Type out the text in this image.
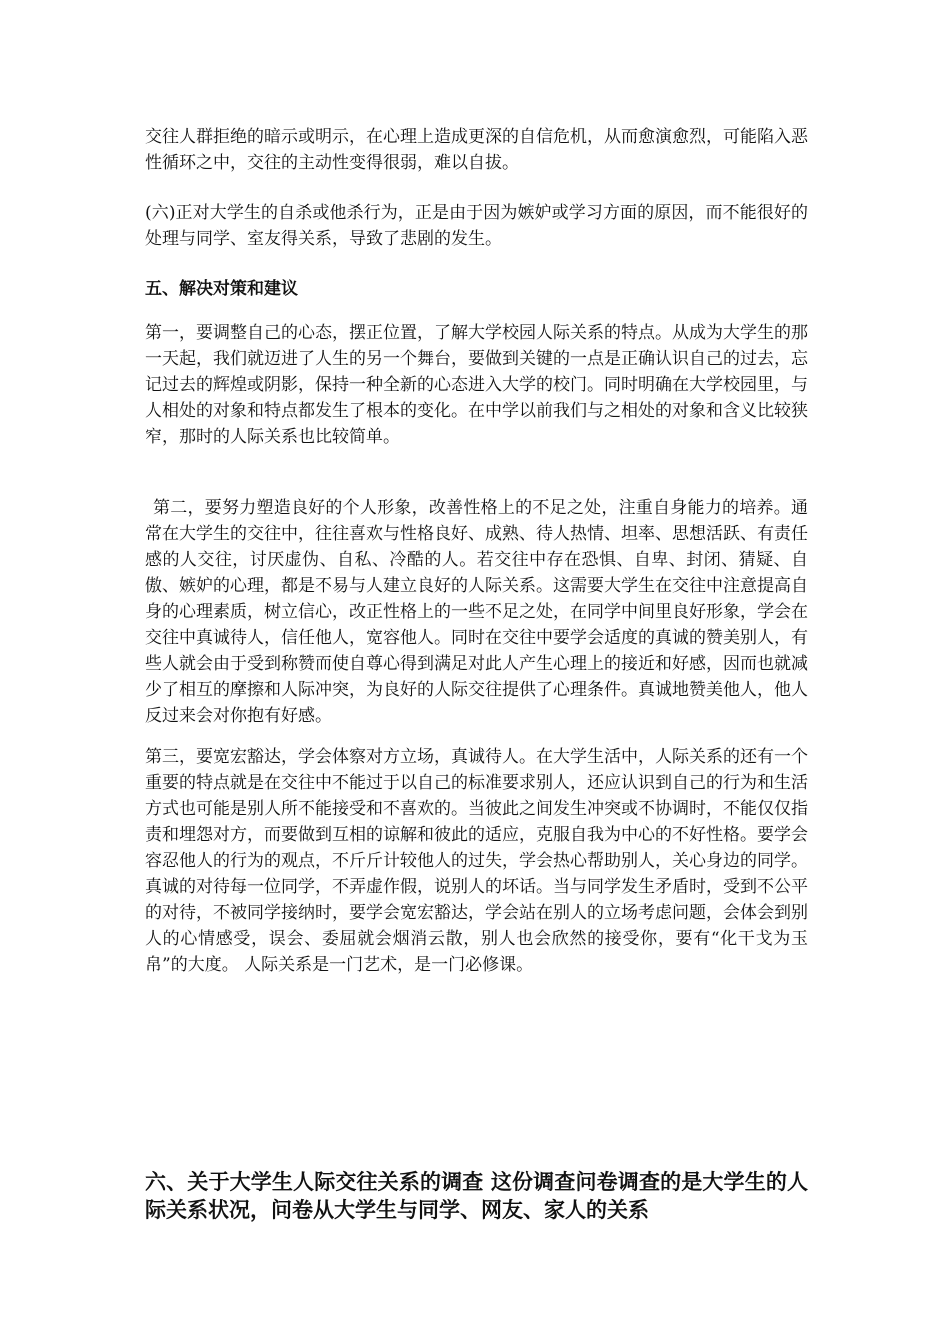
交往人群拒绝的暗示或明示，在心理上造成更深的自信危机，从而愈演愈烈，可能陷入恶性循环之中，交往的主动性变得很弱，难以自拔。

(六)正对大学生的自杀或他杀行为，正是由于因为嫉妒或学习方面的原因，而不能很好的处理与同学、室友得关系，导致了悲剧的发生。

五、解决对策和建议

第一，要调整自己的心态，摆正位置，了解大学校园人际关系的特点。从成为大学生的那一天起，我们就迈进了人生的另一个舞台，要做到关键的一点是正确认识自己的过去，忘记过去的辉煌或阴影，保持一种全新的心态进入大学的校门。同时明确在大学校园里，与人相处的对象和特点都发生了根本的变化。在中学以前我们与之相处的对象和含义比较狭窄，那时的人际关系也比较简单。

第二，要努力塑造良好的个人形象，改善性格上的不足之处，注重自身能力的培养。通常在大学生的交往中，往往喜欢与性格良好、成熟、待人热情、坦率、思想活跃、有责任感的人交往，讨厌虚伪、自私、冷酷的人。若交往中存在恐惧、自卑、封闭、猜疑、自傲、嫉妒的心理，都是不易与人建立良好的人际关系。这需要大学生在交往中注意提高自身的心理素质，树立信心，改正性格上的一些不足之处，在同学中间里良好形象，学会在交往中真诚待人，信任他人，宽容他人。同时在交往中要学会适度的真诚的赞美别人，有些人就会由于受到称赞而使自尊心得到满足对此人产生心理上的接近和好感，因而也就减少了相互的摩擦和人际冲突，为良好的人际交往提供了心理条件。真诚地赞美他人，他人反过来会对你抱有好感。

第三，要宽宏豁达，学会体察对方立场，真诚待人。在大学生活中，人际关系的还有一个重要的特点就是在交往中不能过于以自己的标准要求别人，还应认识到自己的行为和生活方式也可能是别人所不能接受和不喜欢的。当彼此之间发生冲突或不协调时，不能仅仅指责和埋怨对方，而要做到互相的谅解和彼此的适应，克服自我为中心的不好性格。要学会容忍他人的行为的观点，不斤斤计较他人的过失，学会热心帮助别人，关心身边的同学。真诚的对待每一位同学，不弄虚作假，说别人的坏话。当与同学发生矛盾时，受到不公平的对待，不被同学接纳时，要学会宽宏豁达，学会站在别人的立场考虑问题，会体会到别人的心情感受，误会、委屈就会烟消云散，别人也会欣然的接受你，要有“化干戈为玉帛”的大度。 人际关系是一门艺术，是一门必修课。

六、关于大学生人际交往关系的调查 这份调查问卷调查的是大学生的人际关系状况，问卷从大学生与同学、网友、家人的关系
